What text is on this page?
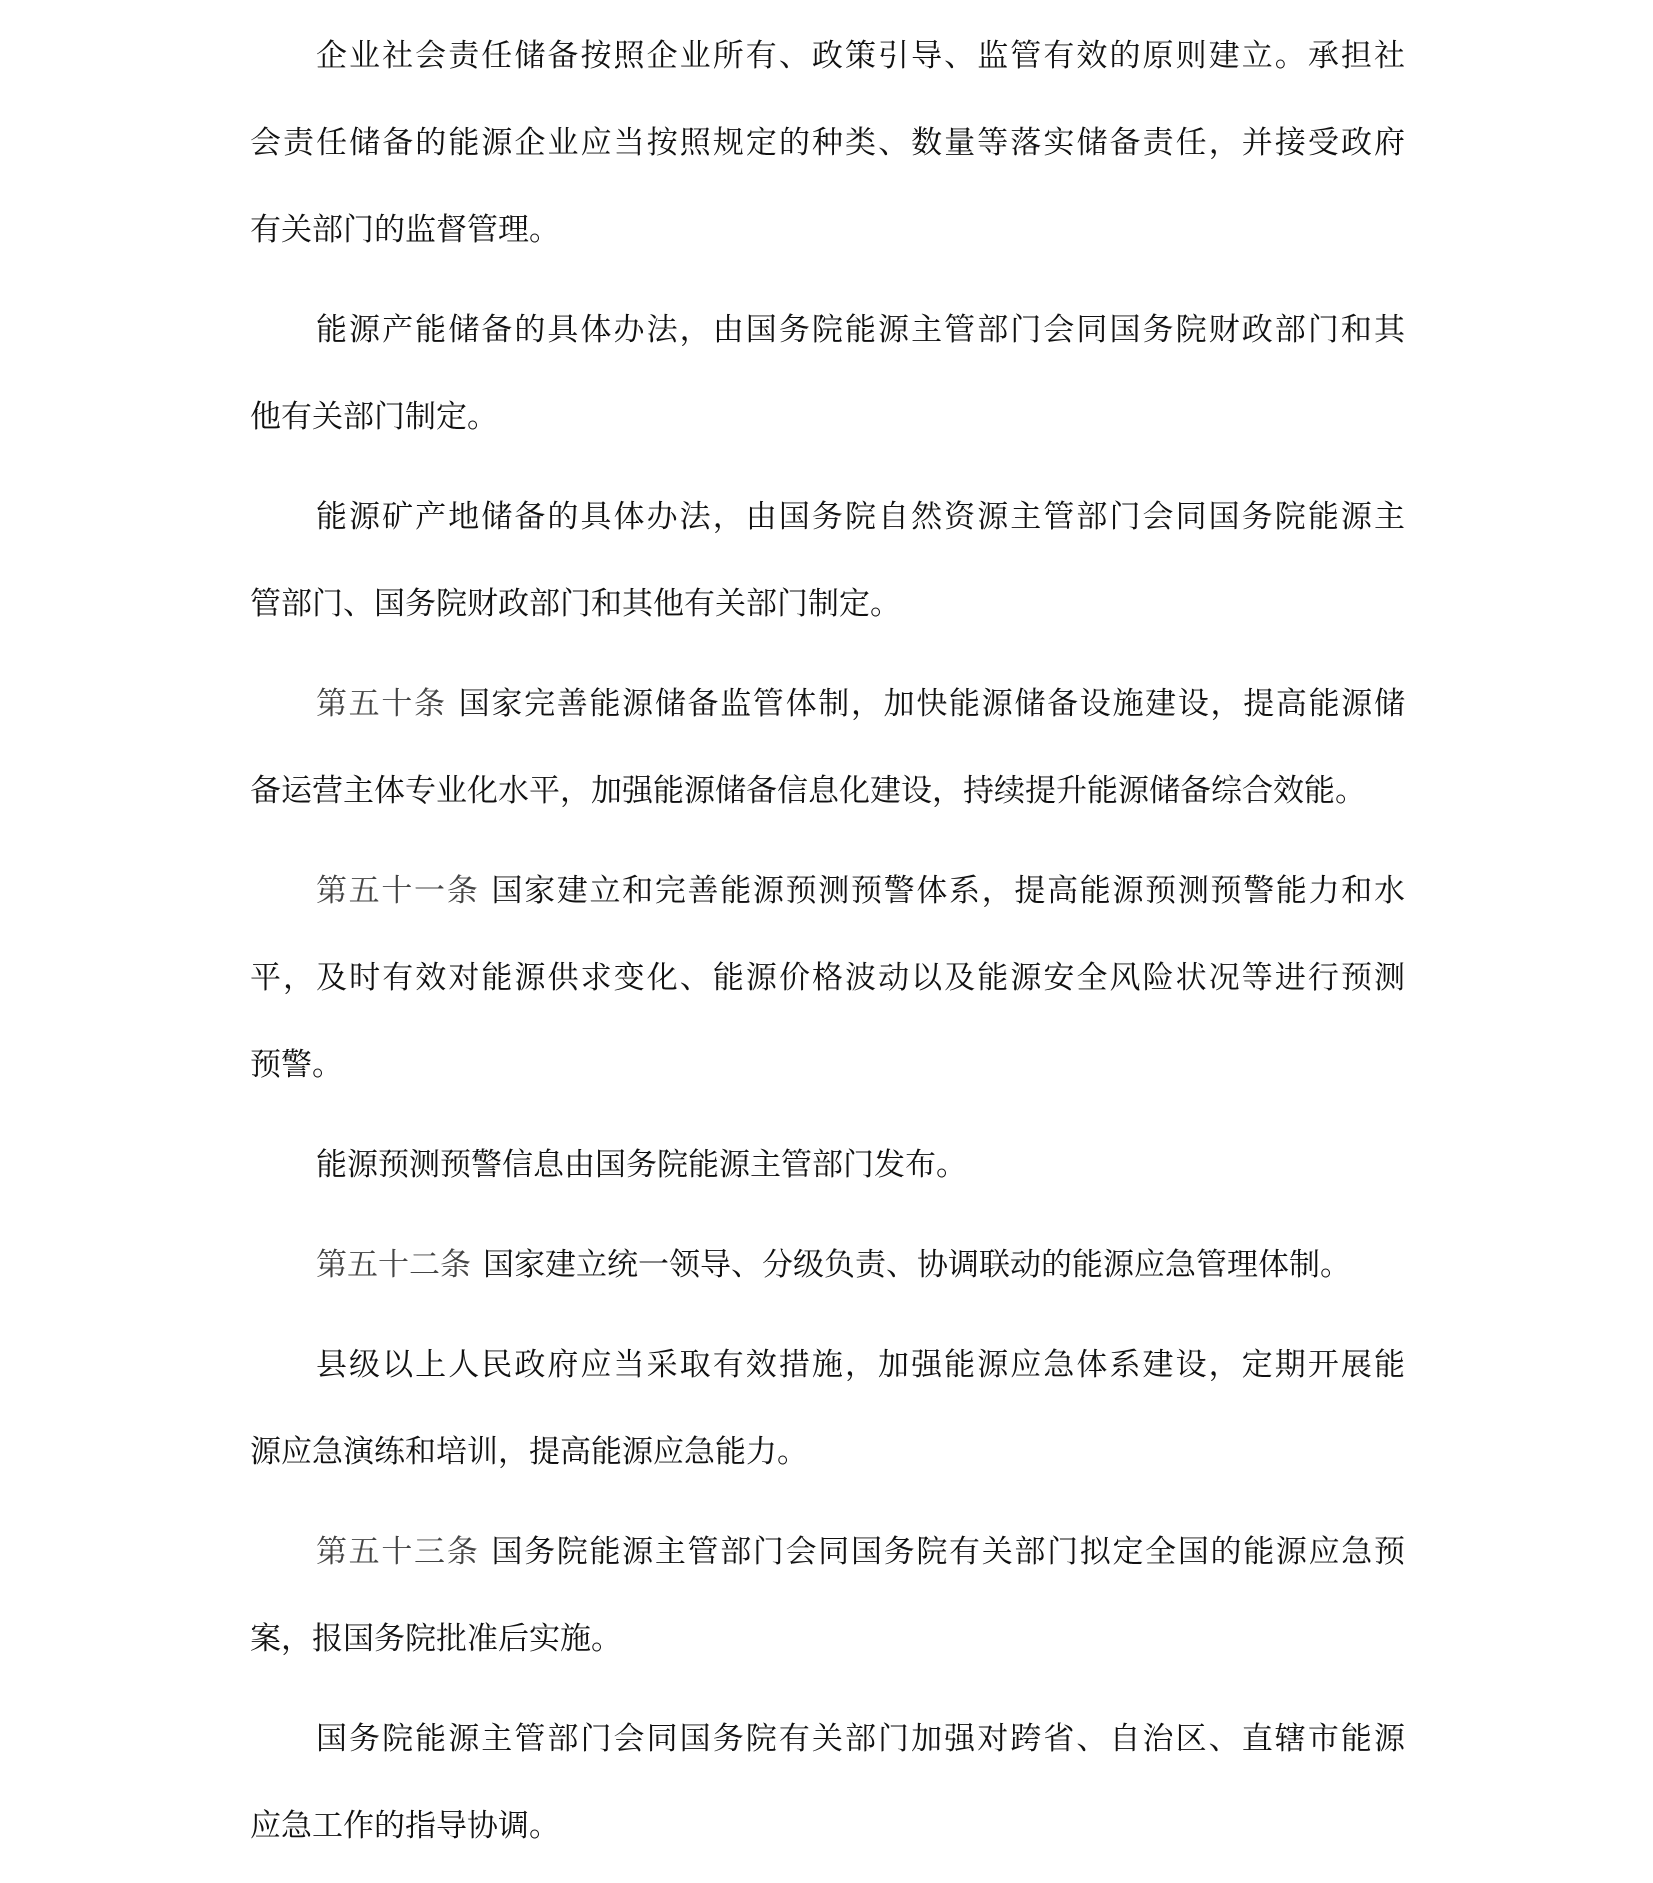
企业社会责任储备按照企业所有、政策引导、监管有效的原则建立。承担社
会责任储备的能源企业应当按照规定的种类、数量等落实储备责任，并接受政府
有关部门的监督管理。
能源产能储备的具体办法，由国务院能源主管部门会同国务院财政部门和其
他有关部门制定。
能源矿产地储备的具体办法，由国务院自然资源主管部门会同国务院能源主
管部门、国务院财政部门和其他有关部门制定。
第五十条 国家完善能源储备监管体制，加快能源储备设施建设，提高能源储
备运营主体专业化水平，加强能源储备信息化建设，持续提升能源储备综合效能。
第五十一条 国家建立和完善能源预测预警体系，提高能源预测预警能力和水
平，及时有效对能源供求变化、能源价格波动以及能源安全风险状况等进行预测
预警。
能源预测预警信息由国务院能源主管部门发布。
第五十二条 国家建立统一领导、分级负责、协调联动的能源应急管理体制。
县级以上人民政府应当采取有效措施，加强能源应急体系建设，定期开展能
源应急演练和培训，提高能源应急能力。
第五十三条 国务院能源主管部门会同国务院有关部门拟定全国的能源应急预
案，报国务院批准后实施。
国务院能源主管部门会同国务院有关部门加强对跨省、自治区、直辖市能源
应急工作的指导协调。
